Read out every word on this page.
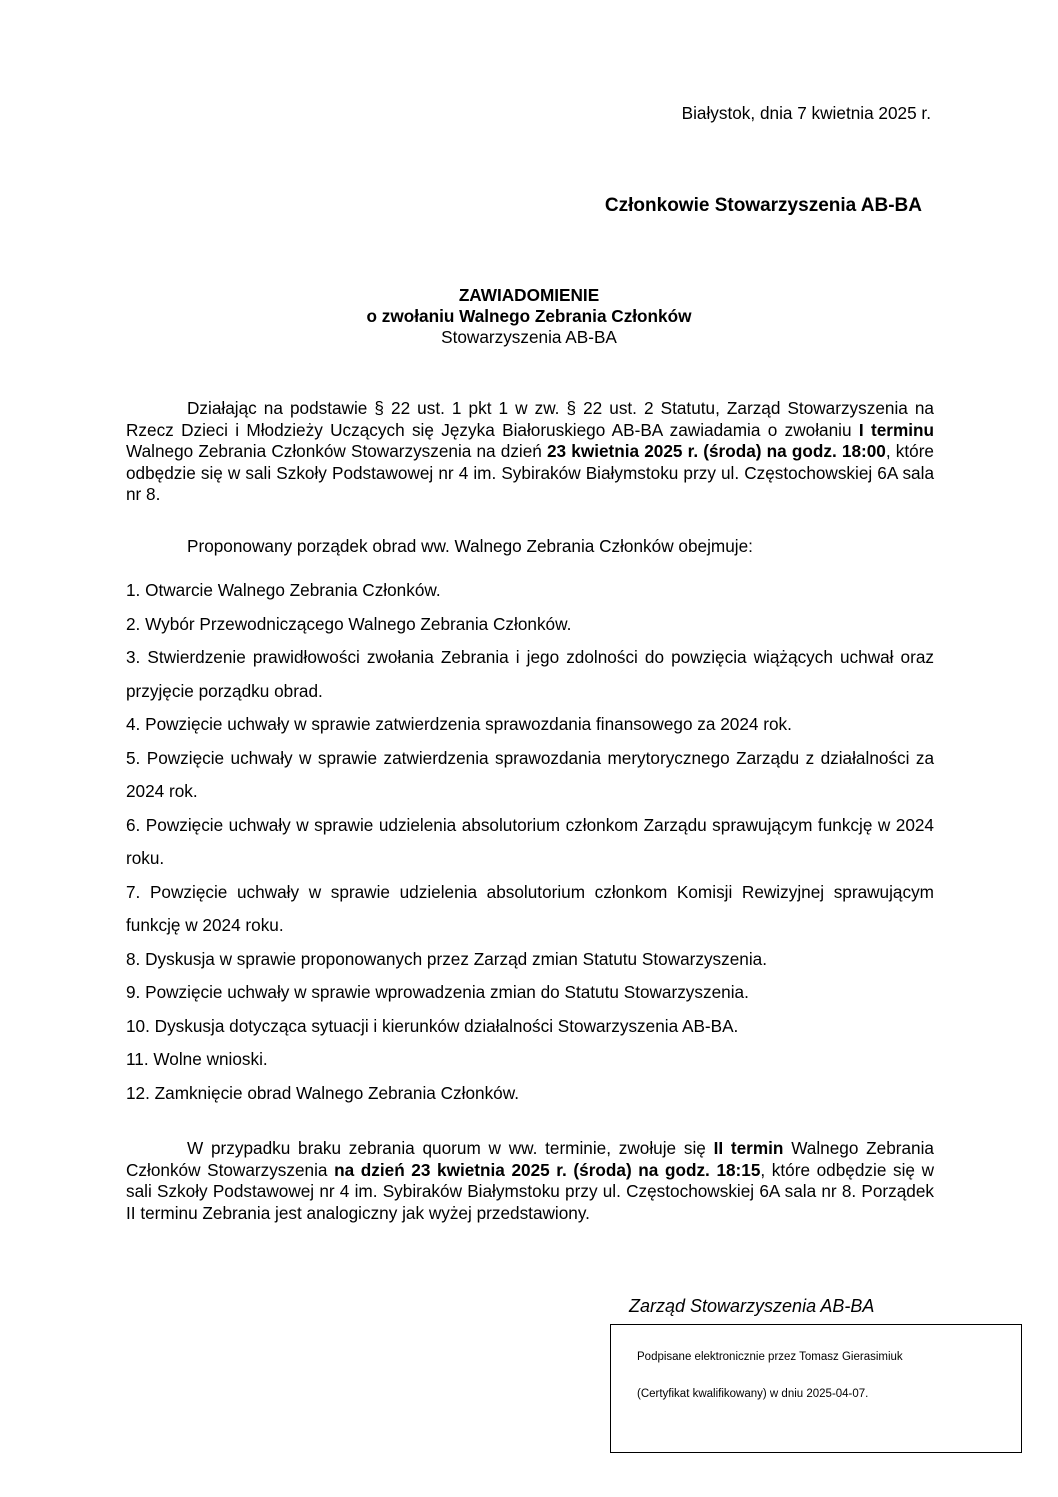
Białystok, dnia 7 kwietnia 2025 r.
Członkowie Stowarzyszenia AB-BA
ZAWIADOMIENIE
o zwołaniu Walnego Zebrania Członków
Stowarzyszenia AB-BA
Działając na podstawie § 22 ust. 1 pkt 1 w zw. § 22 ust. 2 Statutu, Zarząd Stowarzyszenia na Rzecz Dzieci i Młodzieży Uczących się Języka Białoruskiego AB-BA zawiadamia o zwołaniu I terminu Walnego Zebrania Członków Stowarzyszenia na dzień 23 kwietnia 2025 r. (środa) na godz. 18:00, które odbędzie się w sali Szkoły Podstawowej nr 4 im. Sybiraków Białymstoku przy ul. Częstochowskiej 6A sala nr 8.
Proponowany porządek obrad ww. Walnego Zebrania Członków obejmuje:
1. Otwarcie Walnego Zebrania Członków.
2. Wybór Przewodniczącego Walnego Zebrania Członków.
3. Stwierdzenie prawidłowości zwołania Zebrania i jego zdolności do powzięcia wiążących uchwał oraz przyjęcie porządku obrad.
4. Powzięcie uchwały w sprawie zatwierdzenia sprawozdania finansowego za 2024 rok.
5. Powzięcie uchwały w sprawie zatwierdzenia sprawozdania merytorycznego Zarządu z działalności za 2024 rok.
6. Powzięcie uchwały w sprawie udzielenia absolutorium członkom Zarządu sprawującym funkcję w 2024 roku.
7. Powzięcie uchwały w sprawie udzielenia absolutorium członkom Komisji Rewizyjnej sprawującym funkcję w 2024 roku.
8. Dyskusja w sprawie proponowanych przez Zarząd zmian Statutu Stowarzyszenia.
9. Powzięcie uchwały w sprawie wprowadzenia zmian do Statutu Stowarzyszenia.
10. Dyskusja dotycząca sytuacji i kierunków działalności Stowarzyszenia AB-BA.
11. Wolne wnioski.
12. Zamknięcie obrad Walnego Zebrania Członków.
W przypadku braku zebrania quorum w ww. terminie, zwołuje się II termin Walnego Zebrania Członków Stowarzyszenia na dzień 23 kwietnia 2025 r. (środa) na godz. 18:15, które odbędzie się w sali Szkoły Podstawowej nr 4 im. Sybiraków Białymstoku przy ul. Częstochowskiej 6A sala nr 8. Porządek II terminu Zebrania jest analogiczny jak wyżej przedstawiony.
Zarząd Stowarzyszenia AB-BA
Podpisane elektronicznie przez Tomasz Gierasimiuk
(Certyfikat kwalifikowany) w dniu 2025-04-07.
